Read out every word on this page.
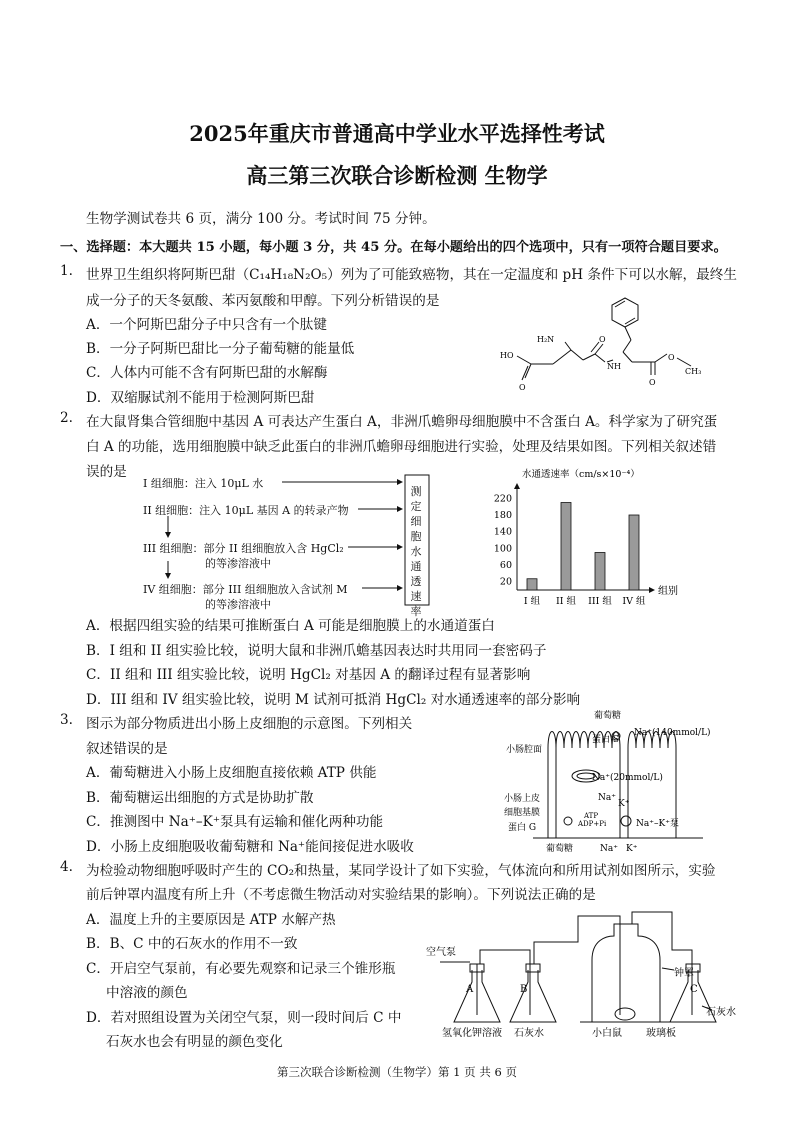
2025年重庆市普通高中学业水平选择性考试
高三第三次联合诊断检测 生物学
生物学测试卷共 6 页，满分 100 分。考试时间 75 分钟。
一、选择题：本大题共 15 小题，每小题 3 分，共 45 分。在每小题给出的四个选项中，只有一项符合题目要求。
1. 世界卫生组织将阿斯巴甜（C₁₄H₁₈N₂O₅）列为了可能致癌物，其在一定温度和 pH 条件下可以水解，最终生
成一分子的天冬氨酸、苯丙氨酸和甲醇。下列分析错误的是
A．一个阿斯巴甜分子中只含有一个肽键
B．一分子阿斯巴甜比一分子葡萄糖的能量低
C．人体内可能不含有阿斯巴甜的水解酶
D．双缩脲试剂不能用于检测阿斯巴甜
H₂N
HO
O
O
NH
O
O
CH₃
2. 在大鼠肾集合管细胞中基因 A 可表达产生蛋白 A，非洲爪蟾卵母细胞膜中不含蛋白 A。科学家为了研究蛋
白 A 的功能，选用细胞膜中缺乏此蛋白的非洲爪蟾卵母细胞进行实验，处理及结果如图。下列相关叙述错
误的是
I 组细胞：注入 10μL 水
II 组细胞：注入 10μL 基因 A 的转录产物
III 组细胞：部分 II 组细胞放入含 HgCl₂
的等渗溶液中
IV 组细胞：部分 III 组细胞放入含试剂 M
的等渗溶液中
测定细胞水通透速率
水通透速率（cm/s×10⁻⁴）
组别
20
60
100
140
180
220
I 组 II 组 III 组 IV 组
A．根据四组实验的结果可推断蛋白 A 可能是细胞膜上的水通道蛋白
B．I 组和 II 组实验比较，说明大鼠和非洲爪蟾基因表达时共用同一套密码子
C．II 组和 III 组实验比较，说明 HgCl₂ 对基因 A 的翻译过程有显著影响
D．III 组和 IV 组实验比较，说明 M 试剂可抵消 HgCl₂ 对水通透速率的部分影响
3. 图示为部分物质进出小肠上皮细胞的示意图。下列相关
叙述错误的是
A．葡萄糖进入小肠上皮细胞直接依赖 ATP 供能
B．葡萄糖运出细胞的方式是协助扩散
C．推测图中 Na⁺–K⁺泵具有运输和催化两种功能
D．小肠上皮细胞吸收葡萄糖和 Na⁺能间接促进水吸收
小肠腔面
葡萄糖
蛋白 S
Na⁺(140mmol/L)
Na⁺(20mmol/L)
小肠上皮
细胞基膜
蛋白 G
葡萄糖
Na⁺
K⁺
ATP
ADP+Pi	Na⁺–K⁺泵
Na⁺ K⁺
4. 为检验动物细胞呼吸时产生的 CO₂和热量，某同学设计了如下实验，气体流向和所用试剂如图所示，实验
前后钟罩内温度有所上升（不考虑微生物活动对实验结果的影响）。下列说法正确的是
A．温度上升的主要原因是 ATP 水解产热
B．B、C 中的石灰水的作用不一致
C．开启空气泵前，有必要先观察和记录三个锥形瓶
中溶液的颜色
D．若对照组设置为关闭空气泵，则一段时间后 C 中
石灰水也会有明显的颜色变化
空气泵
A	B	C
钟罩
石灰水
氢氧化钾溶液 石灰水	小白鼠 玻璃板
第三次联合诊断检测（生物学）第 1 页 共 6 页
